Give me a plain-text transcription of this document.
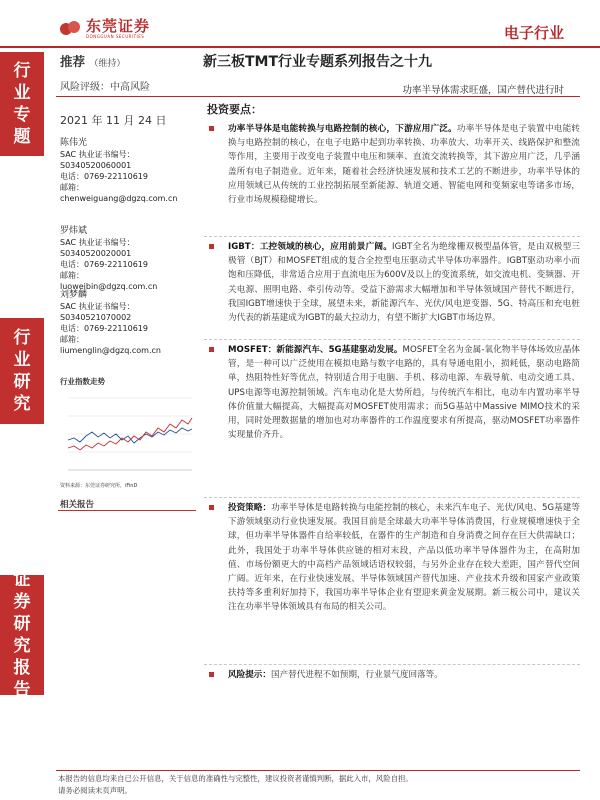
东莞证券
DONGGUAN SECURITIES	电子行业
行
业
专
题
行
业
研
究
证
券
研
究
报
告
推荐 （维持）	新三板TMT行业专题系列报告之十九
风险评级：中高风险	功率半导体需求旺盛，国产替代进行时
2021 年 11 月 24 日
陈伟光
SAC 执业证书编号：
S0340520060001
电话：0769-22110619
邮箱：
chenweiguang@dgzq.com.cn
罗炜斌
SAC 执业证书编号：
S0340520020001
电话：0769-22110619
邮箱：
luoweibin@dgzq.com.cn
刘梦麟
SAC 执业证书编号：
S0340521070002
电话：0769-22110619
邮箱：
liumenglin@dgzq.com.cn
行业指数走势
资料来源：东莞证券研究所，iFinD
相关报告
投资要点：

功率半导体是电能转换与电路控制的核心，下游应用广泛。功率半导体是电子装置中电能转换与电路控制的核心，在电子电路中起到功率转换、功率放大、功率开关、线路保护和整流等作用，主要用于改变电子装置中电压和频率、直流交流转换等，其下游应用广泛，几乎涵盖所有电子制造业。近年来，随着社会经济快速发展和技术工艺的不断进步，功率半导体的应用领域已从传统的工业控制拓展至新能源、轨道交通、智能电网和变频家电等诸多市场，行业市场规模稳健增长。

IGBT：工控领域的核心，应用前景广阔。IGBT全名为绝缘栅双极型晶体管，是由双极型三极管（BJT）和MOSFET组成的复合全控型电压驱动式半导体功率器件。IGBT驱动功率小而饱和压降低，非常适合应用于直流电压为600V及以上的变流系统，如交流电机、变频器、开关电源、照明电路、牵引传动等。受益下游需求大幅增加和半导体领域国产替代不断进行，我国IGBT增速快于全球，展望未来，新能源汽车、光伏/风电逆变器、5G、特高压和充电桩为代表的新基建成为IGBT的最大拉动力，有望不断扩大IGBT市场边界。

MOSFET：新能源汽车、5G基建驱动发展。MOSFET全名为金属-氧化物半导体场效应晶体管，是一种可以广泛使用在模拟电路与数字电路的，具有导通电阻小，损耗低，驱动电路简单，热阻特性好等优点，特别适合用于电脑、手机、移动电源、车载导航、电动交通工具、UPS电源等电源控制领域。汽车电动化是大势所趋，与传统汽车相比，电动车内置功率半导体价值量大幅提高，大幅提高对MOSFET使用需求；而5G基站中Massive MIMO技术的采用，同时处理数据量的增加也对功率器件的工作温度要求有所提高，驱动MOSFET功率器件实现量价齐升。

投资策略：功率半导体是电路转换与电能控制的核心，未来汽车电子、光伏/风电、5G基建等下游领域驱动行业快速发展。我国目前是全球最大功率半导体消费国，行业规模增速快于全球，但功率半导体器件自给率较低，在器件的生产制造和自身消费之间存在巨大供需缺口；此外，我国处于功率半导体供应链的相对末段，产品以低功率半导体器件为主，在高附加值、市场份额更大的中高档产品领域话语权较弱，与另外企业存在较大差距，国产替代空间广阔。近年来，在行业快速发展、半导体领域国产替代加速、产业技术升级和国家产业政策扶持等多重利好加持下，我国功率半导体企业有望迎来黄金发展期。新三板公司中，建议关注在功率半导体领域具有布局的相关公司。

风险提示：国产替代进程不如预期，行业景气度回落等。

本报告的信息均来自已公开信息，关于信息的准确性与完整性，建议投资者谨慎判断，据此入市，风险自担。
请务必阅读末页声明。
